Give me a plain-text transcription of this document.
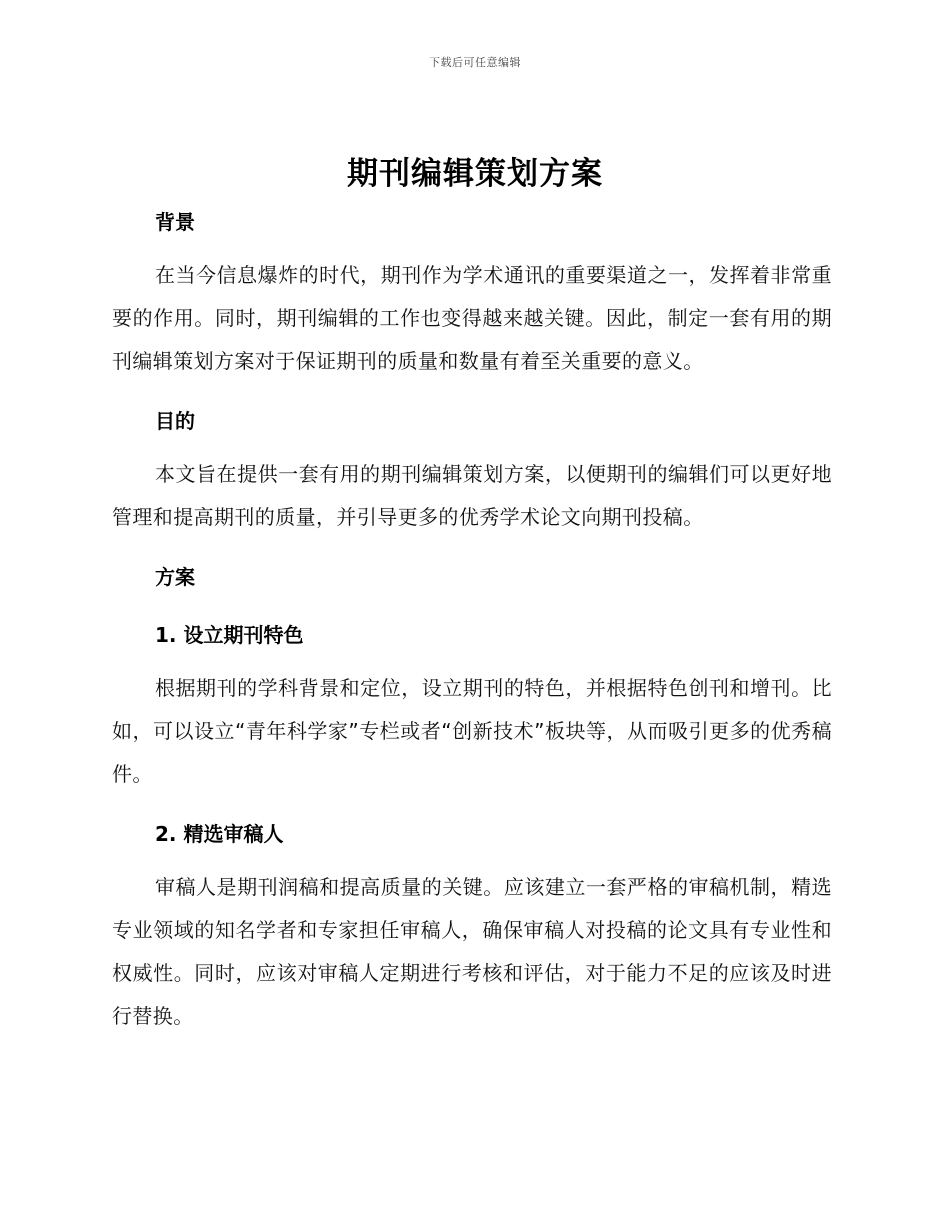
下载后可任意编辑
期刊编辑策划方案
背景

在当今信息爆炸的时代，期刊作为学术通讯的重要渠道之一，发挥着非常重要的作用。同时，期刊编辑的工作也变得越来越关键。因此，制定一套有用的期刊编辑策划方案对于保证期刊的质量和数量有着至关重要的意义。

目的

本文旨在提供一套有用的期刊编辑策划方案，以便期刊的编辑们可以更好地管理和提高期刊的质量，并引导更多的优秀学术论文向期刊投稿。

方案
1. 设立期刊特色

根据期刊的学科背景和定位，设立期刊的特色，并根据特色创刊和增刊。比如，可以设立“青年科学家”专栏或者“创新技术”板块等，从而吸引更多的优秀稿件。

2. 精选审稿人

审稿人是期刊润稿和提高质量的关键。应该建立一套严格的审稿机制，精选专业领域的知名学者和专家担任审稿人，确保审稿人对投稿的论文具有专业性和权威性。同时，应该对审稿人定期进行考核和评估，对于能力不足的应该及时进行替换。
